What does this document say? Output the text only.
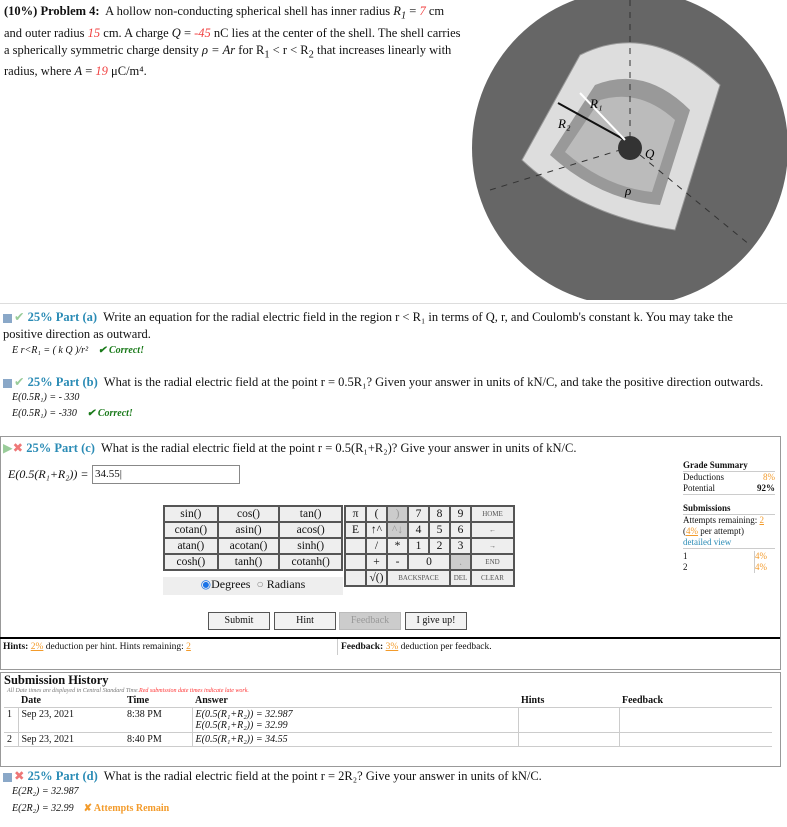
(10%) Problem 4: A hollow non-conducting spherical shell has inner radius $R_1 = 7$ cm and outer radius 15 cm. A charge Q = -45 nC lies at the center of the shell. The shell carries a spherically symmetric charge density ρ = Ar for $R_1 < r < R_2$ that increases linearly with radius, where A = 19 μC/m⁴.
R₁
R₂
Q
ρ
✔ 25% Part (a) Write an equation for the radial electric field in the region r < R₁ in terms of Q, r, and Coulomb's constant k. You may take the positive direction as outward.
E r<R₁ = ( k Q )/r² ✔ Correct!
✔ 25% Part (b) What is the radial electric field at the point r = 0.5R₁? Given your answer in units of kN/C, and take the positive direction outwards.
E(0.5R₁) = - 330
E(0.5R₁) = -330 ✔ Correct!
▶✖ 25% Part (c) What is the radial electric field at the point r = 0.5(R₁+R₂)? Give your answer in units of kN/C.
E(0.5(R₁+R₂)) = 34.55|
Grade Summary
Deductions	8%
Potential	92%
Submissions
Attempts remaining: 2
(4% per attempt)
detailed view
1	4%
2	4%
sin()	cos()	tan()
cotan()	asin()	acos()
atan()	acotan()	sinh()
cosh()	tanh()	cotanh()
◉Degrees ○ Radians
π	(	)	7	8	9	HOME
E	↑^	^↓	4	5	6	←
	/	*	1	2	3	→
	+	-	0		.	END
	√()	BACKSPACE			DEL	CLEAR
Submit	Hint	Feedback	I give up!
Hints: 2% deduction per hint. Hints remaining: 2	Feedback: 3% deduction per feedback.
Submission History
All Date times are displayed in Central Standard Time.Red submission date times indicate late work.
	Date	Time	Answer	Hints	Feedback
1	Sep 23, 2021	8:38 PM	E(0.5(R₁+R₂)) = 32.987
E(0.5(R₁+R₂)) = 32.99		

2	Sep 23, 2021	8:40 PM	E(0.5(R₁+R₂)) = 34.55		
✖ 25% Part (d) What is the radial electric field at the point r = 2R₂? Give your answer in units of kN/C.
E(2R₂) = 32.987
E(2R₂) = 32.99 ✘ Attempts Remain
